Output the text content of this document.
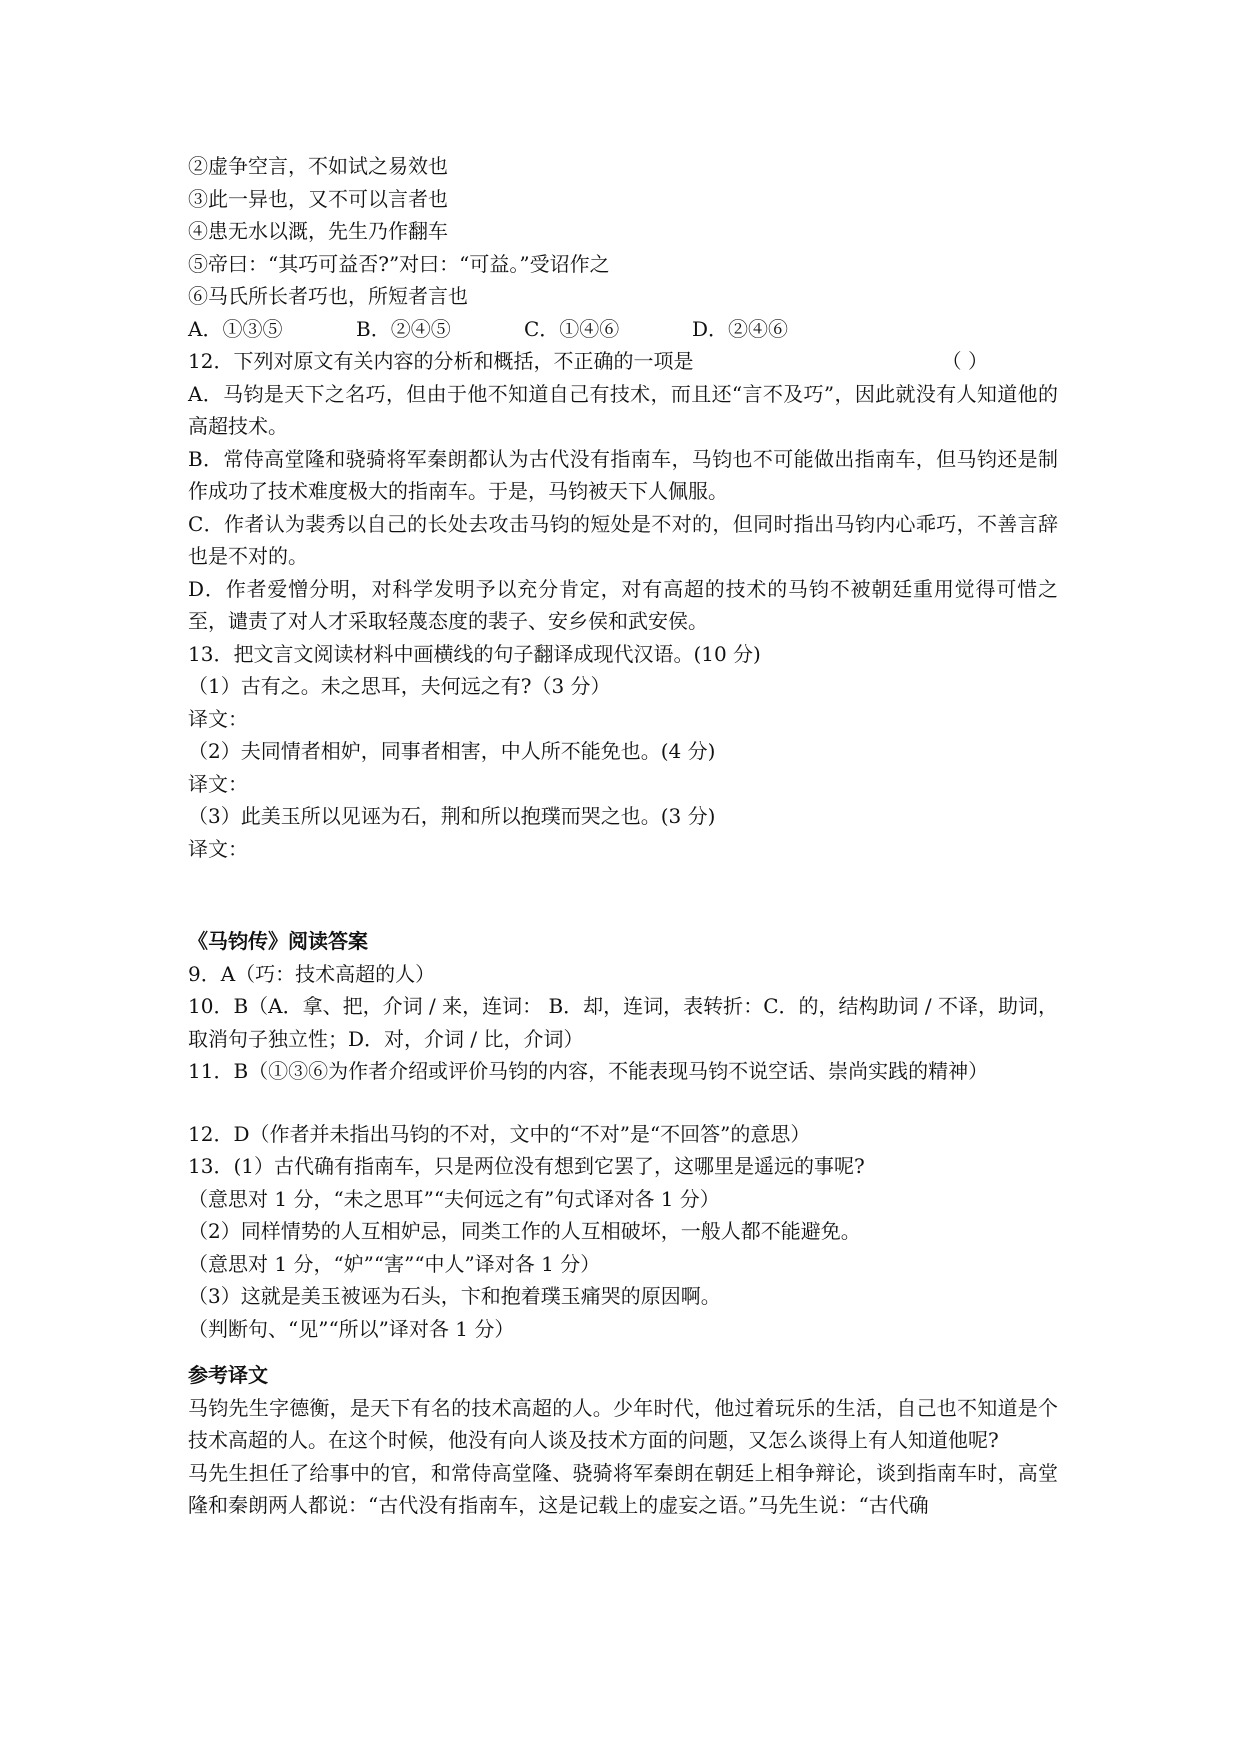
②虚争空言，不如试之易效也
③此一异也，又不可以言者也
④患无水以溉，先生乃作翻车
⑤帝曰：“其巧可益否?”对曰：“可益。”受诏作之
⑥马氏所长者巧也，所短者言也
A．①③⑤	B．②④⑤	C．①④⑥	D．②④⑥
12．下列对原文有关内容的分析和概括，不正确的一项是	（ ）
A．马钧是天下之名巧，但由于他不知道自己有技术，而且还“言不及巧”，因此就没有人知道他的高超技术。
B．常侍高堂隆和骁骑将军秦朗都认为古代没有指南车，马钧也不可能做出指南车，但马钧还是制作成功了技术难度极大的指南车。于是，马钧被天下人佩服。
C．作者认为裴秀以自己的长处去攻击马钧的短处是不对的，但同时指出马钧内心乖巧，不善言辞也是不对的。
D．作者爱憎分明，对科学发明予以充分肯定，对有高超的技术的马钧不被朝廷重用觉得可惜之至，谴责了对人才采取轻蔑态度的裴子、安乡侯和武安侯。
13．把文言文阅读材料中画横线的句子翻译成现代汉语。(10 分)
（1）古有之。未之思耳，夫何远之有?（3 分）
译文：
（2）夫同情者相妒，同事者相害，中人所不能免也。(4 分)
译文：
（3）此美玉所以见诬为石，荆和所以抱璞而哭之也。(3 分)
译文：
《马钧传》阅读答案
9．A（巧：技术高超的人）
10．B（A．拿、把，介词 / 来，连词： B．却，连词，表转折：C．的，结构助词 / 不译，助词，取消句子独立性；D．对，介词 / 比，介词）
11．B（①③⑥为作者介绍或评价马钧的内容，不能表现马钧不说空话、崇尚实践的精神）
12．D（作者并未指出马钧的不对，文中的“不对”是“不回答”的意思）
13．(1）古代确有指南车，只是两位没有想到它罢了，这哪里是遥远的事呢?
（意思对 1 分，“未之思耳”“夫何远之有”句式译对各 1 分）
（2）同样情势的人互相妒忌，同类工作的人互相破坏，一般人都不能避免。
（意思对 1 分，“妒”“害”“中人”译对各 1 分）
（3）这就是美玉被诬为石头，卞和抱着璞玉痛哭的原因啊。
（判断句、“见”“所以”译对各 1 分）
参考译文
马钧先生字德衡，是天下有名的技术高超的人。少年时代，他过着玩乐的生活，自己也不知道是个技术高超的人。在这个时候，他没有向人谈及技术方面的问题，又怎么谈得上有人知道他呢?
马先生担任了给事中的官，和常侍高堂隆、骁骑将军秦朗在朝廷上相争辩论，谈到指南车时，高堂隆和秦朗两人都说：“古代没有指南车，这是记载上的虚妄之语。”马先生说：“古代确
